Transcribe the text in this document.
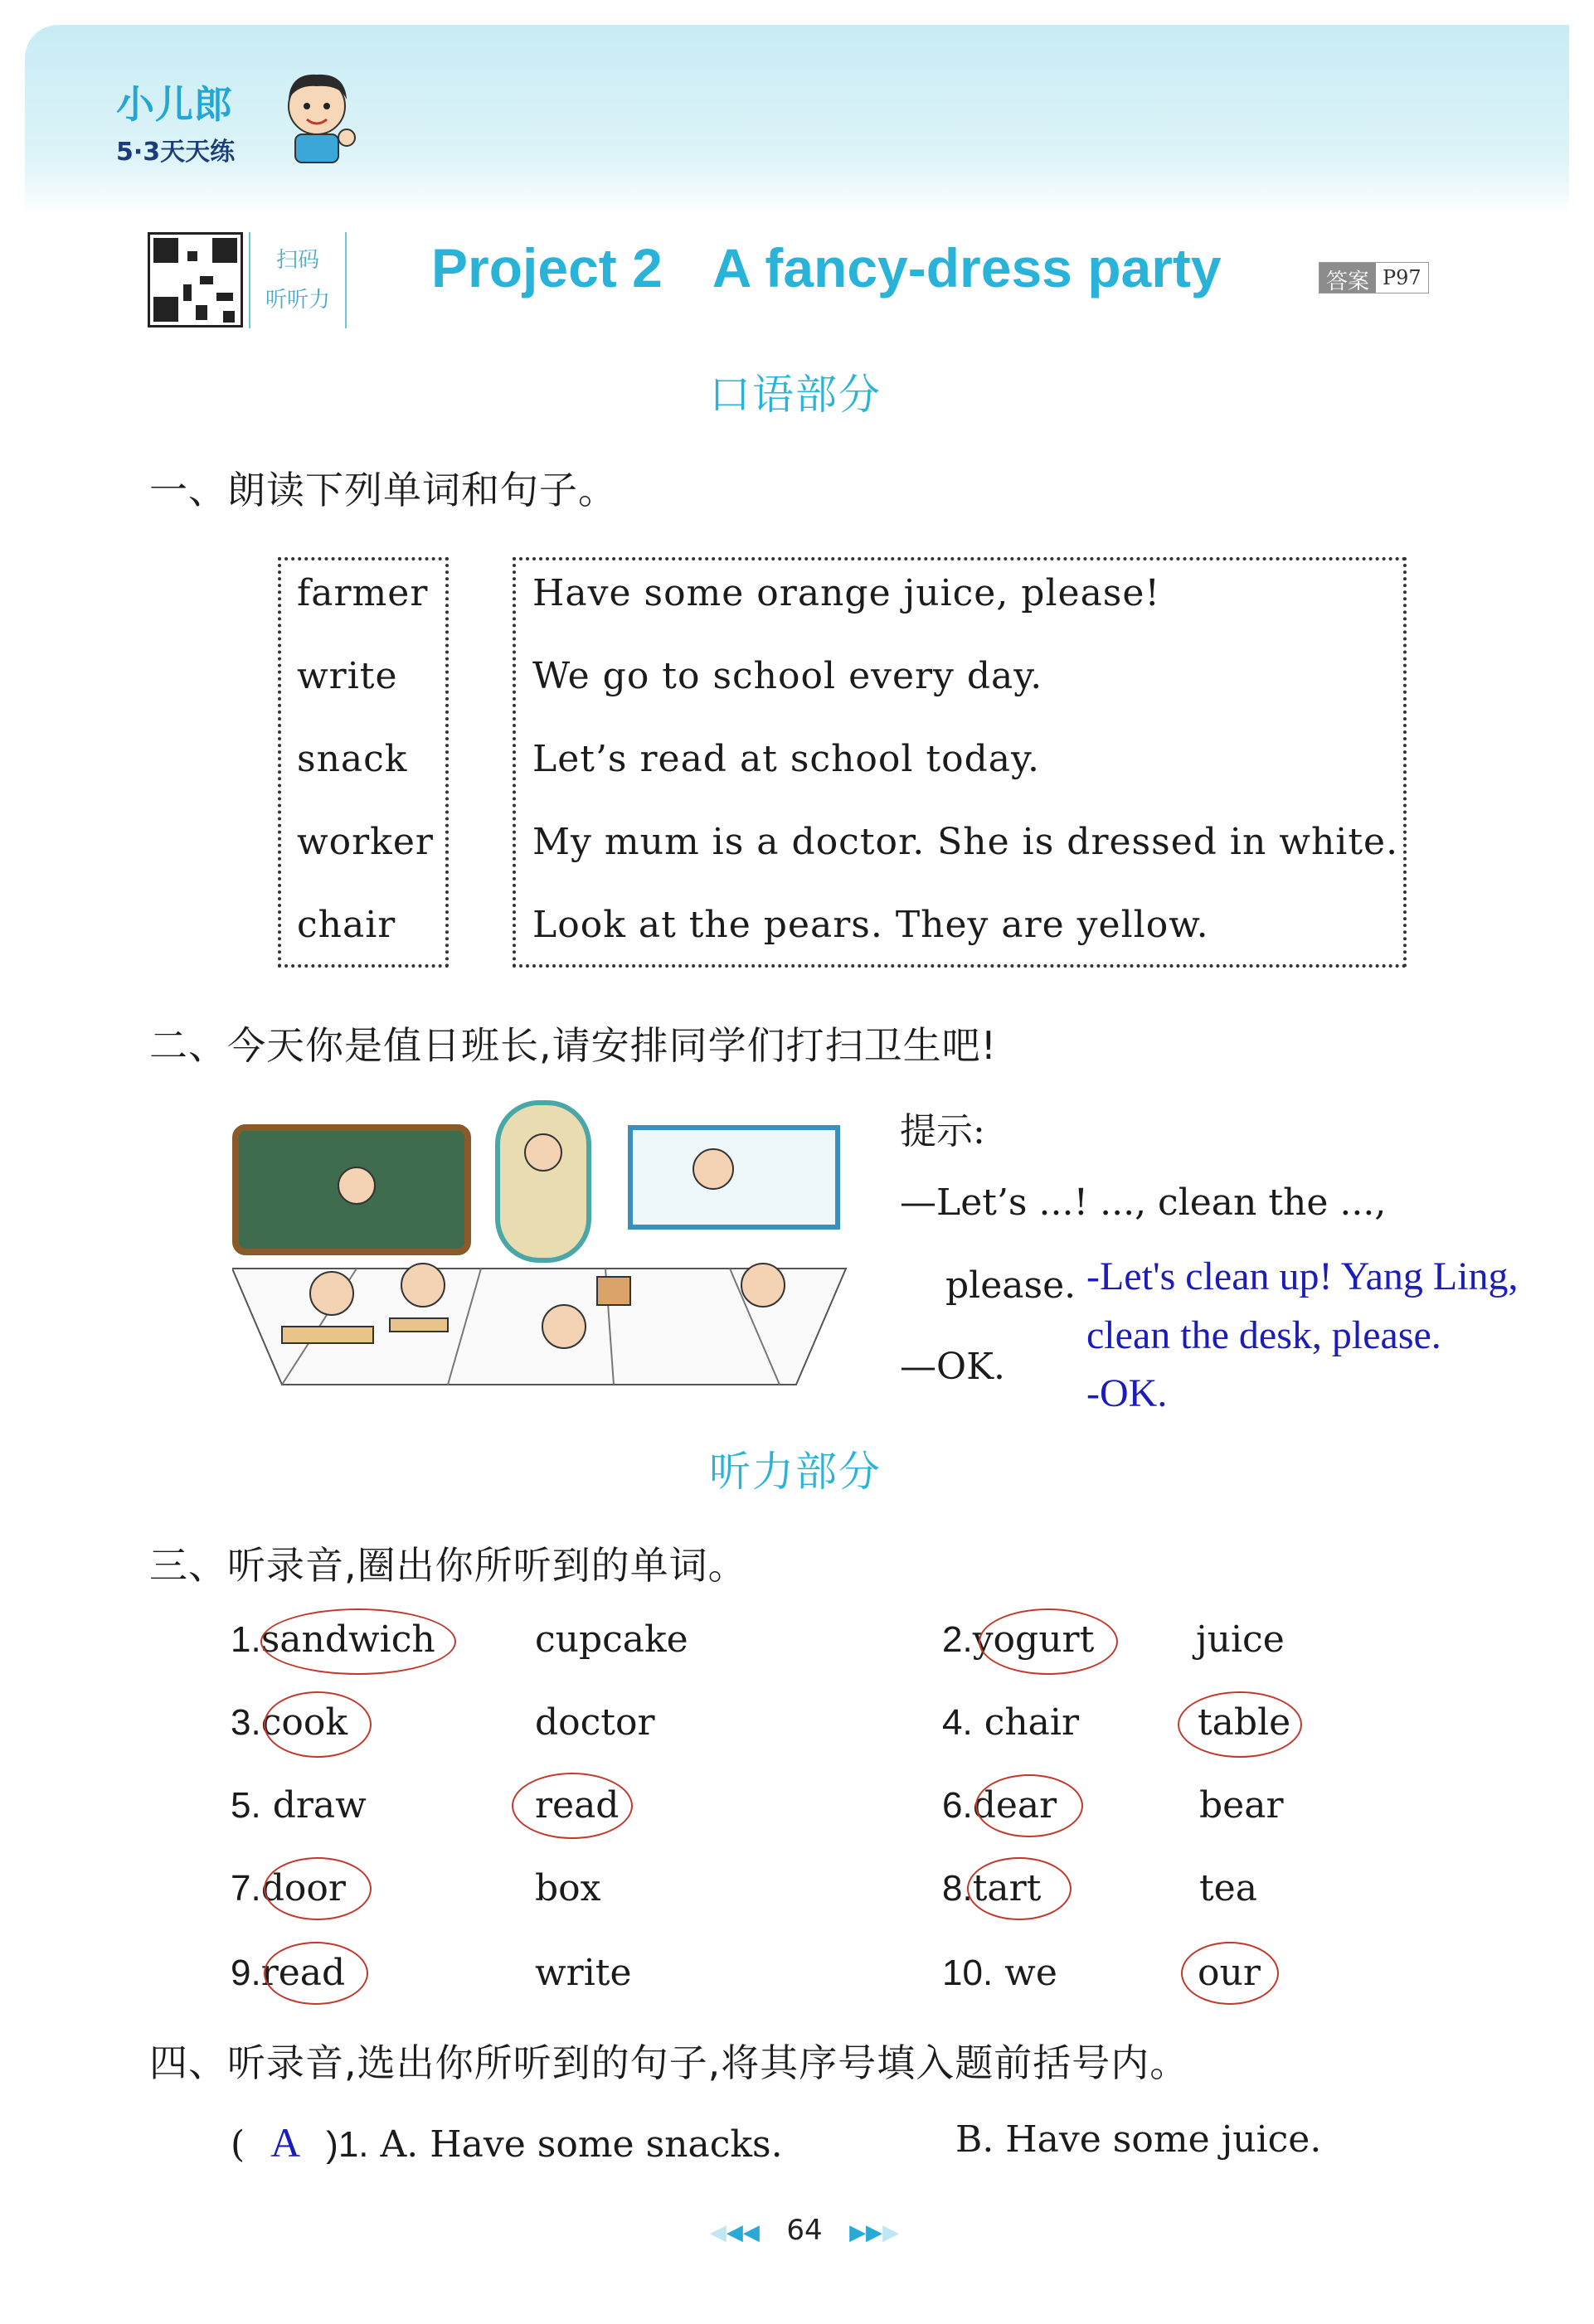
小儿郎
5·3天天练
扫码
听听力
Project 2 A fancy-dress party	答案 P97
口语部分
一、朗读下列单词和句子。
farmer
write
snack
worker
chair
Have some orange juice, please!
We go to school every day.
Let’s read at school today.
My mum is a doctor. She is dressed in white.
Look at the pears. They are yellow.
二、今天你是值日班长,请安排同学们打扫卫生吧!
提示:
—Let’s ...! ..., clean the ...,
please.
—OK.
-Let's clean up! Yang Ling,
clean the desk, please.
-OK.
听力部分
三、听录音,圈出你所听到的单词。
1.sandwich	cupcake	2.yogurt	juice
3.cook	doctor	4. chair	table
5. draw	read	6.dear	bear
7.door	box	8.tart	tea
9.read	write	10. we	our
四、听录音,选出你所听到的句子,将其序号填入题前括号内。
( A )1. A. Have some snacks.	B. Have some juice.
◀◀◀ 64 ▶▶▶
